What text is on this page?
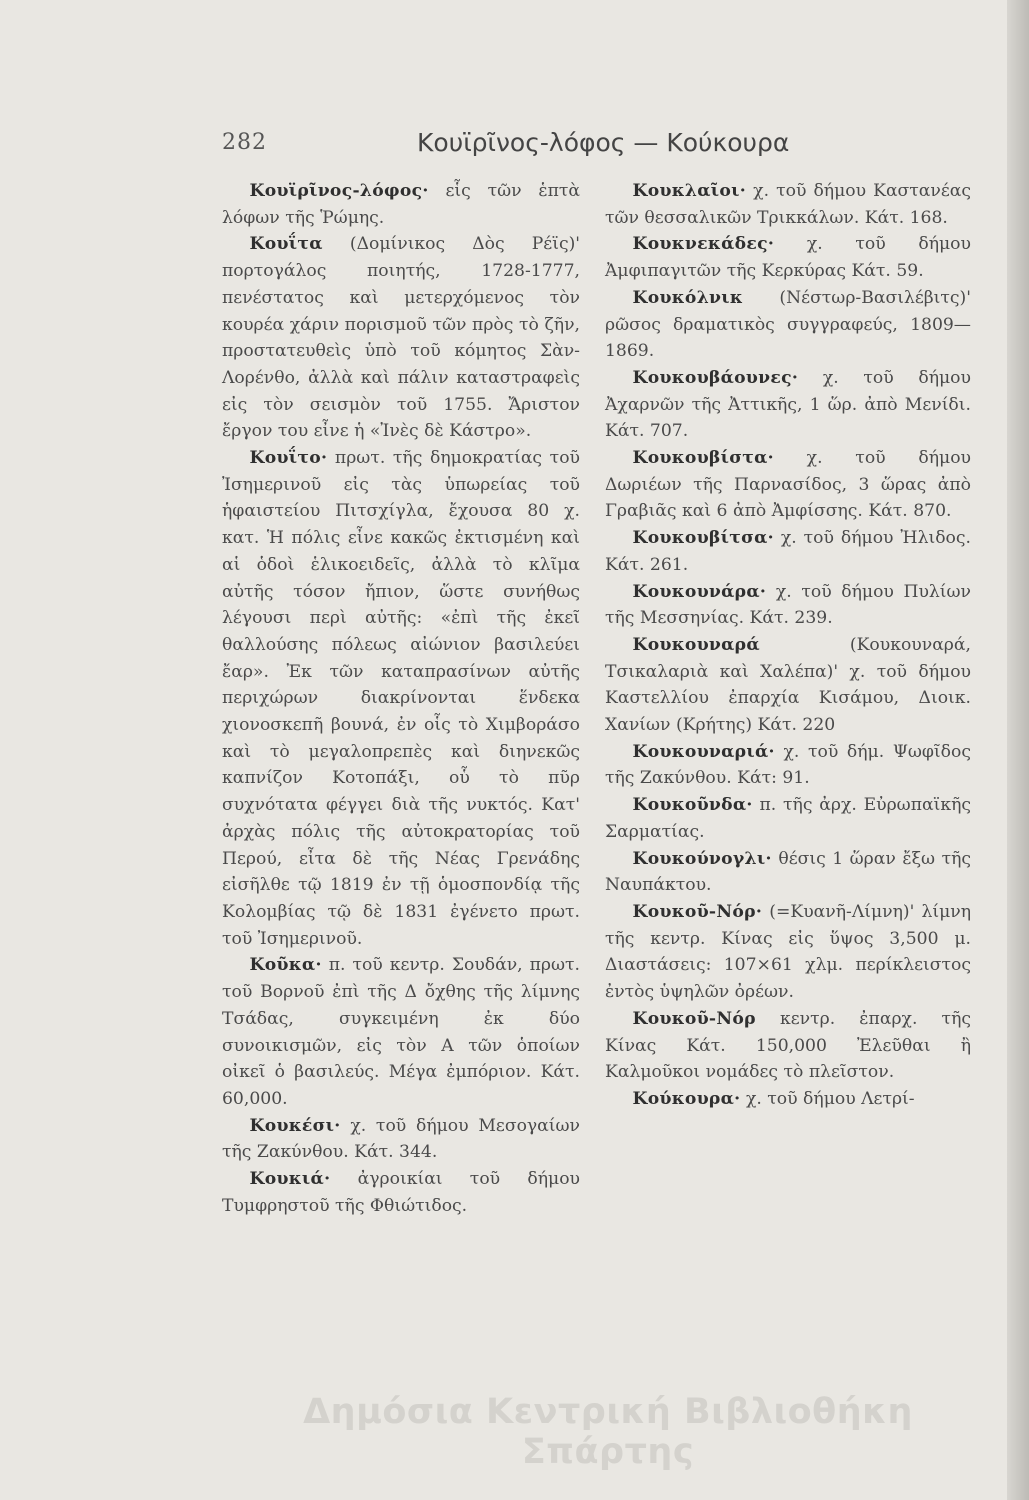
282	Κουϊρῖνος-λόφος — Κούκουρα

Κουϊρῖνος-λόφος· εἷς τῶν ἑπτὰ λόφων τῆς Ῥώμης.

Κουΐτα (Δομίνικος Δὸς Ρέϊς)' πορτογάλος ποιητής, 1728-1777, πενέστατος καὶ μετερχόμενος τὸν κουρέα χάριν πορισμοῦ τῶν πρὸς τὸ ζῆν, προστατευθεὶς ὑπὸ τοῦ κόμητος Σὰν-Λορένθο, ἀλλὰ καὶ πάλιν καταστραφεὶς εἰς τὸν σεισμὸν τοῦ 1755. Ἄριστον ἔργον του εἶνε ἡ «Ἰνὲς δὲ Κάστρο».

Κουΐτο· πρωτ. τῆς δημοκρατίας τοῦ Ἰσημερινοῦ εἰς τὰς ὑπωρείας τοῦ ἡφαιστείου Πιτσχίγλα, ἔχουσα 80 χ. κατ. Ἡ πόλις εἶνε κακῶς ἐκτισμένη καὶ αἱ ὁδοὶ ἑλικοειδεῖς, ἀλλὰ τὸ κλῖμα αὐτῆς τόσον ἤπιον, ὥστε συνήθως λέγουσι περὶ αὐτῆς: «ἐπὶ τῆς ἐκεῖ θαλλούσης πόλεως αἰώνιον βασιλεύει ἔαρ». Ἐκ τῶν καταπρασίνων αὐτῆς περιχώρων διακρίνονται ἕνδεκα χιονοσκεπῆ βουνά, ἐν οἷς τὸ Χιμβοράσο καὶ τὸ μεγαλοπρεπὲς καὶ διηνεκῶς καπνίζον Κοτοπάξι, οὗ τὸ πῦρ συχνότατα φέγγει διὰ τῆς νυκτός. Κατ' ἀρχὰς πόλις τῆς αὐτοκρατορίας τοῦ Περού, εἶτα δὲ τῆς Νέας Γρενάδης εἰσῆλθε τῷ 1819 ἐν τῇ ὁμοσπονδίᾳ τῆς Κολομβίας τῷ δὲ 1831 ἐγένετο πρωτ. τοῦ Ἰσημερινοῦ.

Κοῦκα· π. τοῦ κεντρ. Σουδάν, πρωτ. τοῦ Βορνοῦ ἐπὶ τῆς Δ ὄχθης τῆς λίμνης Τσάδας, συγκειμένη ἐκ δύο συνοικισμῶν, εἰς τὸν Α τῶν ὁποίων οἰκεῖ ὁ βασιλεύς. Μέγα ἐμπόριον. Κάτ. 60,000.

Κουκέσι· χ. τοῦ δήμου Μεσογαίων τῆς Ζακύνθου. Κάτ. 344.

Κουκιά· ἀγροικίαι τοῦ δήμου Τυμφρηστοῦ τῆς Φθιώτιδος.

Κουκλαῖοι· χ. τοῦ δήμου Καστανέας τῶν θεσσαλικῶν Τρικκάλων. Κάτ. 168.

Κουκνεκάδες· χ. τοῦ δήμου Ἀμφιπαγιτῶν τῆς Κερκύρας Κάτ. 59.

Κουκόλνικ (Νέστωρ-Βασιλέβιτς)' ρῶσος δραματικὸς συγγραφεύς, 1809—1869.

Κουκουβάουνες· χ. τοῦ δήμου Ἀχαρνῶν τῆς Ἀττικῆς, 1 ὥρ. ἀπὸ Μενίδι. Κάτ. 707.

Κουκουβίστα· χ. τοῦ δήμου Δωριέων τῆς Παρνασίδος, 3 ὥρας ἀπὸ Γραβιᾶς καὶ 6 ἀπὸ Ἀμφίσσης. Κάτ. 870.

Κουκουβίτσα· χ. τοῦ δήμου Ἠλιδος. Κάτ. 261.

Κουκουνάρα· χ. τοῦ δήμου Πυλίων τῆς Μεσσηνίας. Κάτ. 239.

Κουκουναρά	(Κουκουναρά, Τσικαλαριὰ καὶ Χαλέπα)' χ. τοῦ δήμου Καστελλίου ἐπαρχία Κισάμου, Διοικ. Χανίων (Κρήτης) Κάτ. 220

Κουκουναριά· χ. τοῦ δήμ. Ψωφῖδος τῆς Ζακύνθου. Κάτ: 91.

Κουκοῦνδα· π. τῆς ἀρχ. Εὐρωπαϊκῆς Σαρματίας.

Κουκούνογλι· θέσις 1 ὥραν ἔξω τῆς Ναυπάκτου.

Κουκοῦ-Νόρ· (=Κυανῆ-Λίμνη)' λίμνη τῆς κεντρ. Κίνας εἰς ὕψος 3,500 μ. Διαστάσεις: 107×61 χλμ. περίκλειστος ἐντὸς ὑψηλῶν ὀρέων.

Κουκοῦ-Νόρ κεντρ. ἐπαρχ. τῆς Κίνας Κάτ. 150,000 Ἐλεῦθαι ἢ Καλμοῦκοι νομάδες τὸ πλεῖστον.

Κούκουρα· χ. τοῦ δήμου Λετρί-

Δημόσια Κεντρική Βιβλιοθήκη Σπάρτης
